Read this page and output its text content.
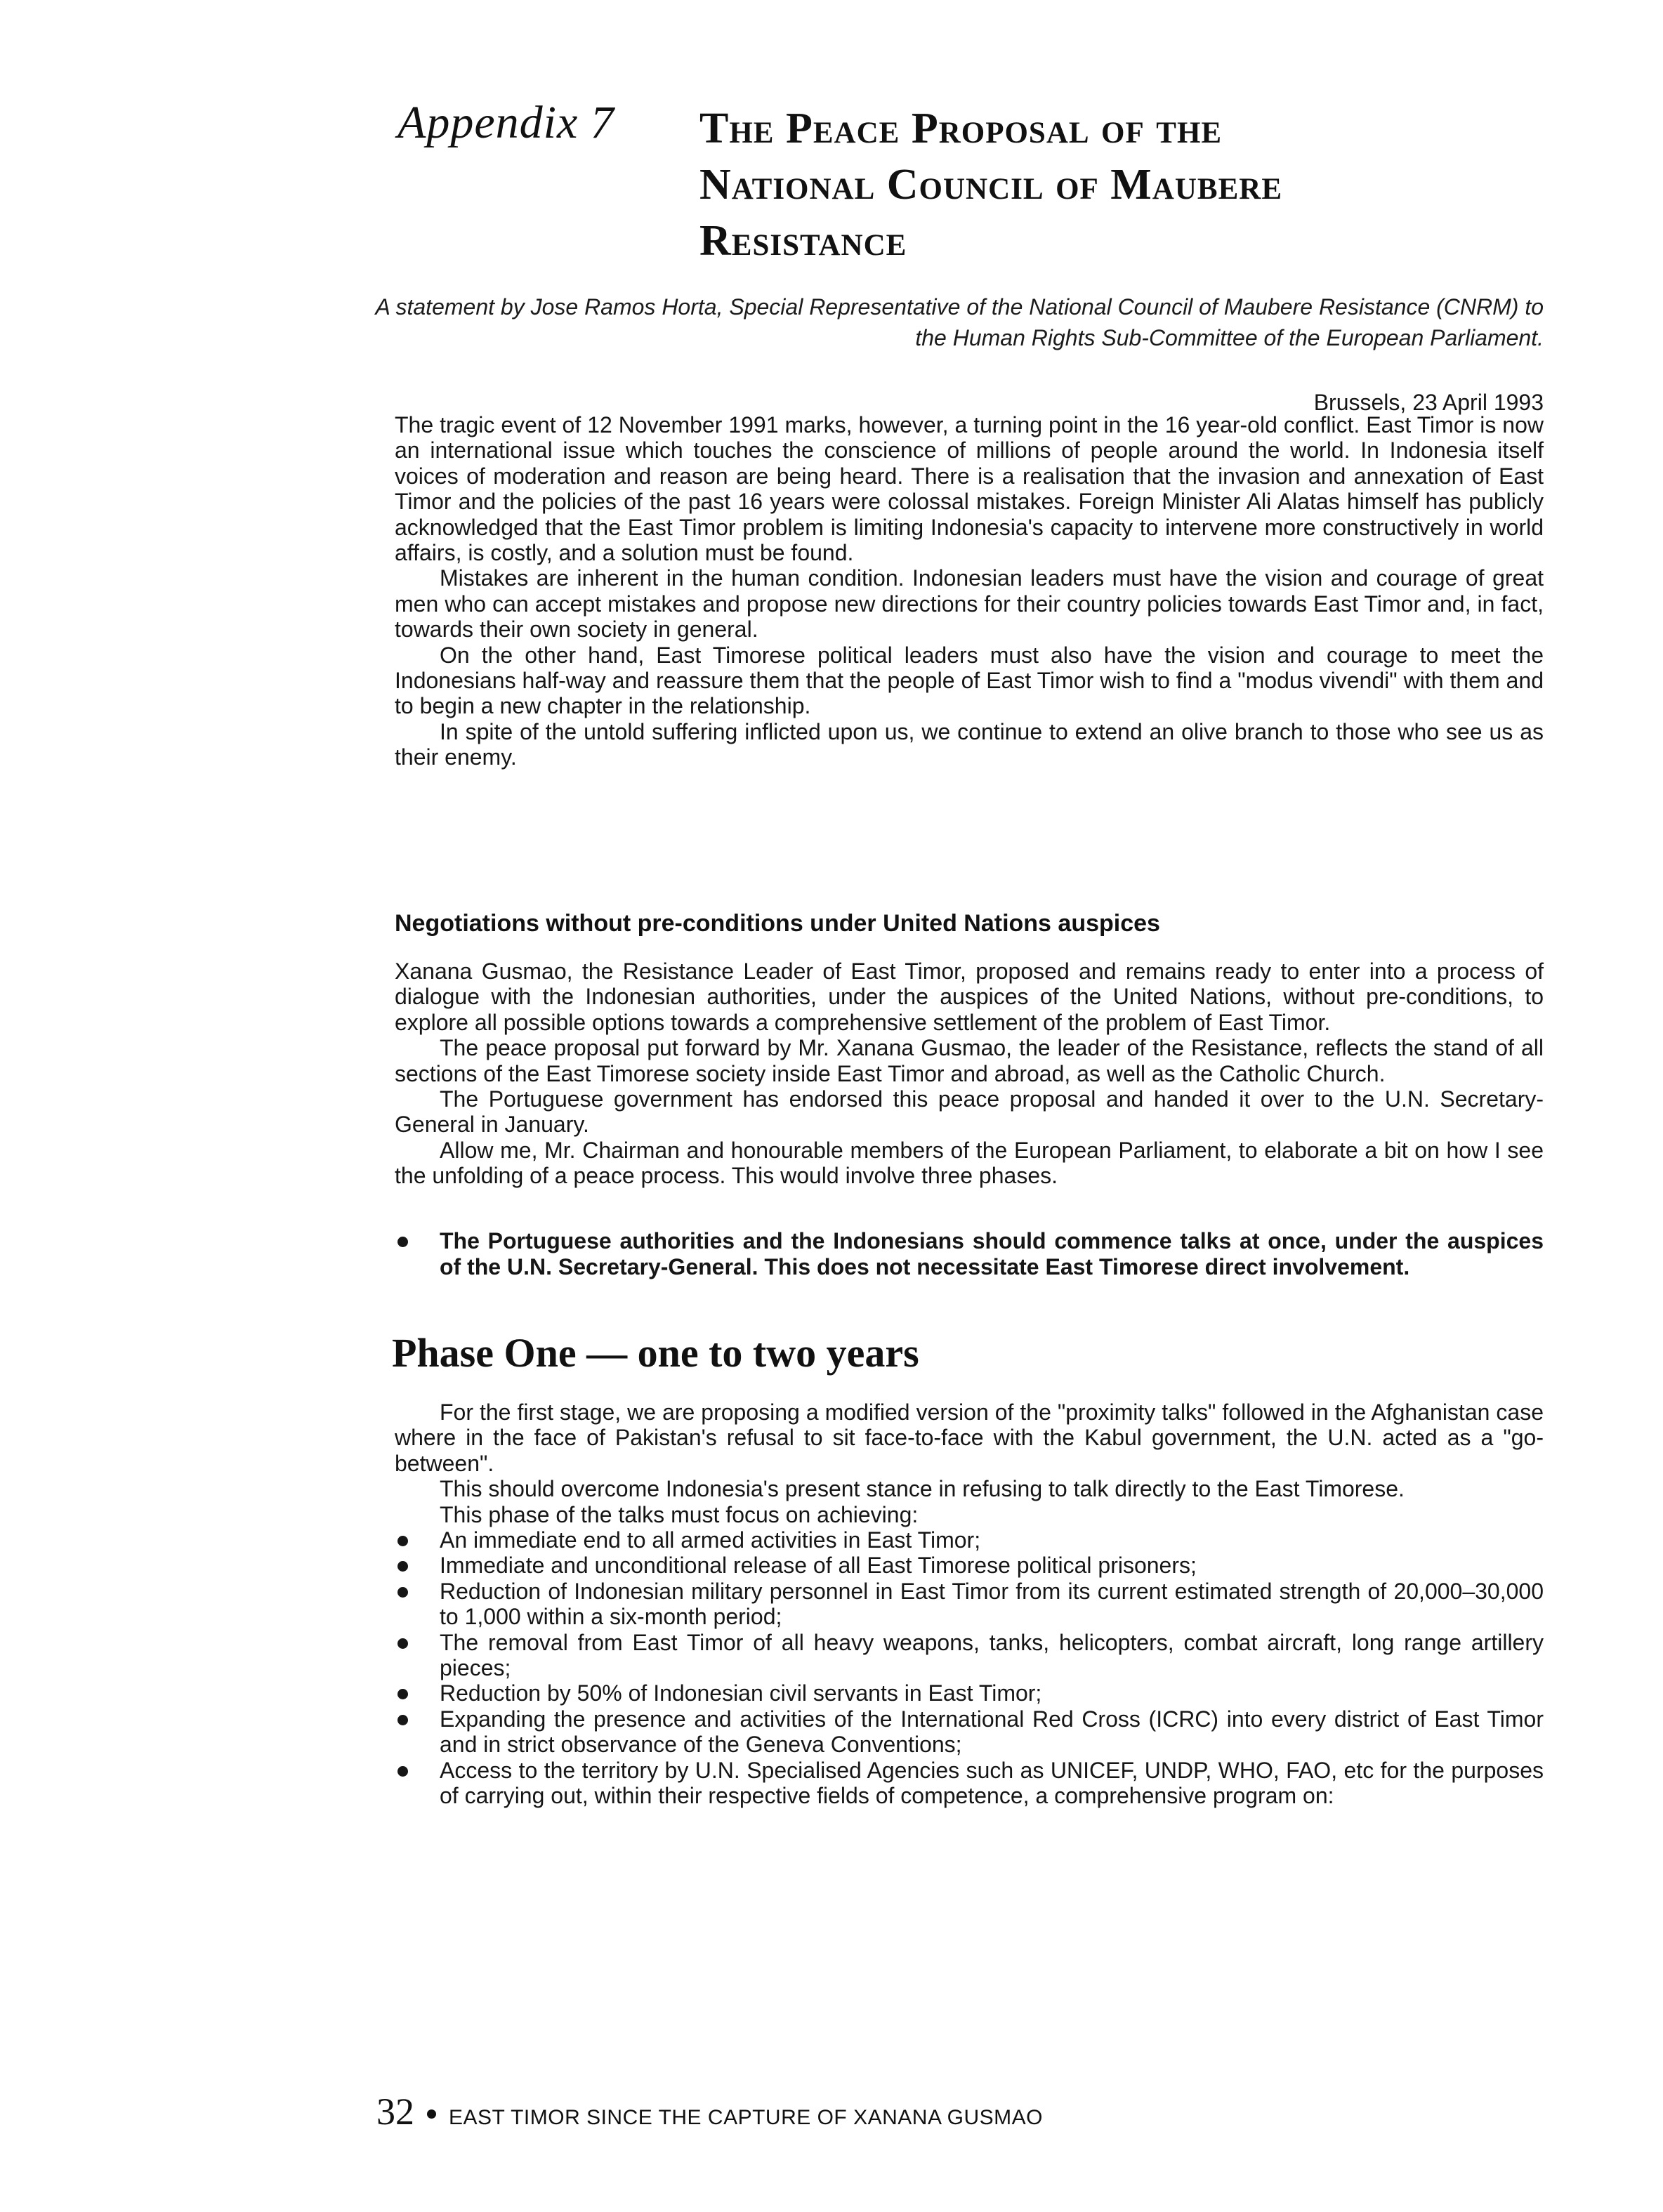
Appendix 7 The Peace Proposal of the
National Council of Maubere
Resistance
A statement by Jose Ramos Horta, Special Representative of the National Council of Maubere Resistance (CNRM) to the Human Rights Sub-Committee of the European Parliament.
Brussels, 23 April 1993

The tragic event of 12 November 1991 marks, however, a turning point in the 16 year-old conflict. East Timor is now an international issue which touches the conscience of millions of people around the world. In Indonesia itself voices of moderation and reason are being heard. There is a realisation that the invasion and annexation of East Timor and the policies of the past 16 years were colossal mistakes. Foreign Minister Ali Alatas himself has publicly acknowledged that the East Timor problem is limiting Indonesia's capacity to intervene more constructively in world affairs, is costly, and a solution must be found.

Mistakes are inherent in the human condition. Indonesian leaders must have the vision and courage of great men who can accept mistakes and propose new directions for their country policies towards East Timor and, in fact, towards their own society in general.

On the other hand, East Timorese political leaders must also have the vision and courage to meet the Indonesians half-way and reassure them that the people of East Timor wish to find a "modus vivendi" with them and to begin a new chapter in the relationship.

In spite of the untold suffering inflicted upon us, we continue to extend an olive branch to those who see us as their enemy.

Negotiations without pre-conditions under United Nations auspices

Xanana Gusmao, the Resistance Leader of East Timor, proposed and remains ready to enter into a process of dialogue with the Indonesian authorities, under the auspices of the United Nations, without pre-conditions, to explore all possible options towards a comprehensive settlement of the problem of East Timor.

The peace proposal put forward by Mr. Xanana Gusmao, the leader of the Resistance, reflects the stand of all sections of the East Timorese society inside East Timor and abroad, as well as the Catholic Church.

The Portuguese government has endorsed this peace proposal and handed it over to the U.N. Secretary-General in January.

Allow me, Mr. Chairman and honourable members of the European Parliament, to elaborate a bit on how I see the unfolding of a peace process. This would involve three phases.

Phase One — one to two years
The Portuguese authorities and the Indonesians should commence talks at once, under the auspices of the U.N. Secretary-General. This does not necessitate East Timorese direct involvement.

For the first stage, we are proposing a modified version of the "proximity talks" followed in the Afghanistan case where in the face of Pakistan's refusal to sit face-to-face with the Kabul government, the U.N. acted as a "go-between".

This should overcome Indonesia's present stance in refusing to talk directly to the East Timorese.

This phase of the talks must focus on achieving:

An immediate end to all armed activities in East Timor;
Immediate and unconditional release of all East Timorese political prisoners;
Reduction of Indonesian military personnel in East Timor from its current estimated strength of 20,000–30,000 to 1,000 within a six-month period;
The removal from East Timor of all heavy weapons, tanks, helicopters, combat aircraft, long range artillery pieces;
Reduction by 50% of Indonesian civil servants in East Timor;
Expanding the presence and activities of the International Red Cross (ICRC) into every district of East Timor and in strict observance of the Geneva Conventions;
Access to the territory by U.N. Specialised Agencies such as UNICEF, UNDP, WHO, FAO, etc for the purposes of carrying out, within their respective fields of competence, a comprehensive program on:
32 EAST TIMOR SINCE THE CAPTURE OF XANANA GUSMAO
